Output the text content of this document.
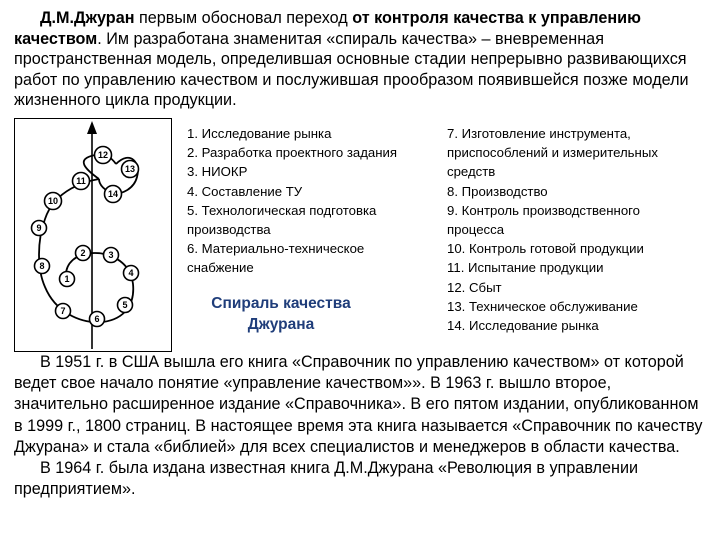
Д.М.Джуран первым обосновал переход от контроля качества к управлению качеством. Им разработана знаменитая «спираль качества» – вневременная пространственная модель, определившая основные стадии непрерывно развивающихся работ по управлению качеством и послужившая прообразом появившейся позже модели жизненного цикла продукции.

1
2	3
4
5
6
7
8
9
10
11
12
13
14

1. Исследование рынка
2. Разработка проектного задания
3. НИОКР
4. Составление ТУ
5. Технологическая подготовка
производства
6. Материально-техническое
снабжение

7. Изготовление инструмента,
приспособлений и измерительных
средств
8. Производство
9. Контроль производственного
процесса
10. Контроль готовой продукции
11. Испытание продукции
12. Сбыт
13. Техническое обслуживание
14. Исследование рынка

Спираль качества
Джурана

В 1951 г. в США вышла его книга «Справочник по управлению качеством» от которой ведет свое начало понятие «управление качеством»». В 1963 г. вышло второе, значительно расширенное издание «Справочника». В его пятом издании, опубликованном в 1999 г., 1800 страниц. В настоящее время эта книга называется «Справочник по качеству Джурана» и стала «библией» для всех специалистов и менеджеров в области качества.
В 1964 г. была издана известная книга Д.М.Джурана «Революция в управлении предприятием».
